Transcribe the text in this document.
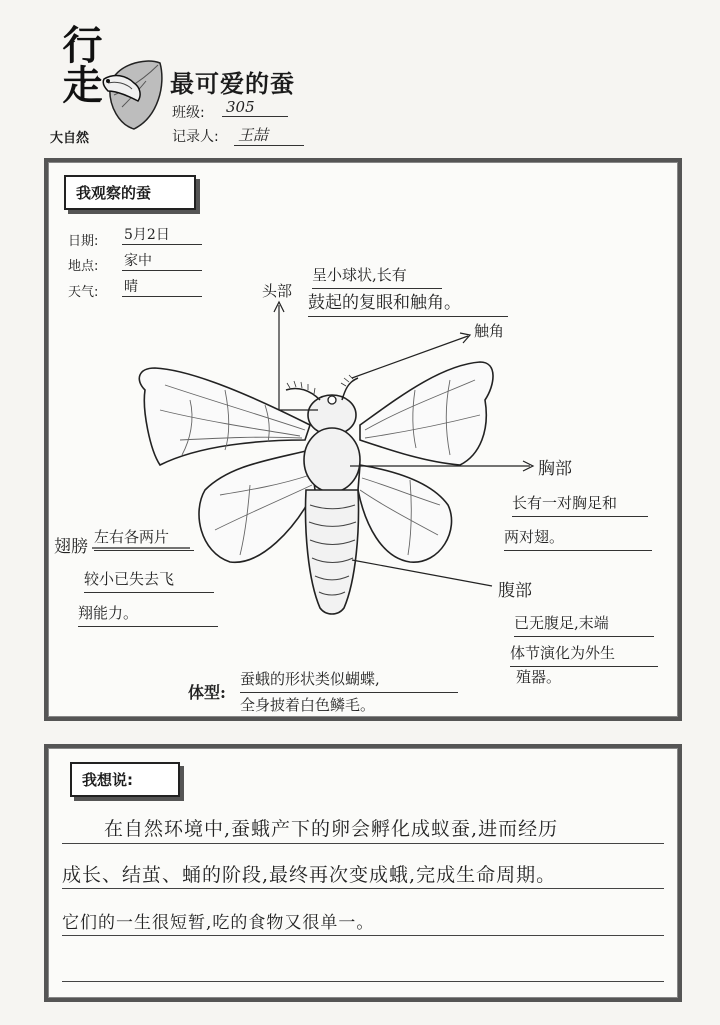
行走
大自然
最可爱的蚕
班级: 305
记录人: 王喆
我观察的蚕
日期: 5月2日
地点: 家中
天气: 晴	头部
呈小球状,长有
鼓起的复眼和触角。
触角
胸部
长有一对胸足和
两对翅。
翅膀 左右各两片
较小已失去飞
翔能力。
腹部
已无腹足,末端
体节演化为外生
殖器。
体型:
蚕蛾的形状类似蝴蝶,
全身披着白色鳞毛。
我想说:
在自然环境中,蚕蛾产下的卵会孵化成蚁蚕,进而经历
成长、结茧、蛹的阶段,最终再次变成蛾,完成生命周期。
它们的一生很短暂,吃的食物又很单一。
